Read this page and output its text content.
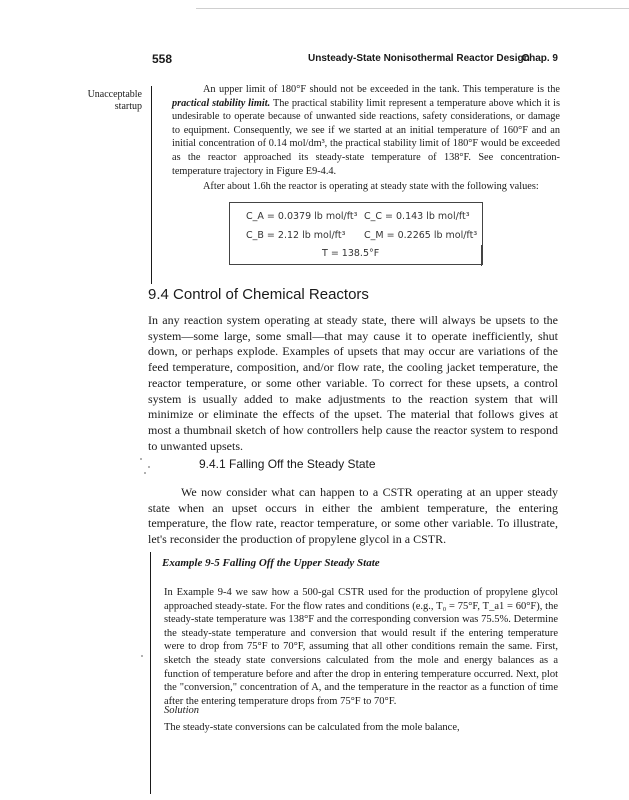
558	Unsteady-State Nonisothermal Reactor Design
Chap. 9
Unacceptable startup
An upper limit of 180°F should not be exceeded in the tank. This temperature is the practical stability limit. The practical stability limit represent a temperature above which it is undesirable to operate because of unwanted side reactions, safety considerations, or damage to equipment. Consequently, we see if we started at an initial temperature of 160°F and an initial concentration of 0.14 mol/dm³, the practical stability limit of 180°F would be exceeded as the reactor approached its steady-state temperature of 138°F. See concentration-temperature trajectory in Figure E9-4.4.
After about 1.6h the reactor is operating at steady state with the following values:
C_A = 0.0379 lb mol/ft³ C_C = 0.143 lb mol/ft³
C_B = 2.12 lb mol/ft³ C_M = 0.2265 lb mol/ft³
T = 138.5°F
9.4 Control of Chemical Reactors
In any reaction system operating at steady state, there will always be upsets to the system—some large, some small—that may cause it to operate inefficiently, shut down, or perhaps explode. Examples of upsets that may occur are variations of the feed temperature, composition, and/or flow rate, the cooling jacket temperature, the reactor temperature, or some other variable. To correct for these upsets, a control system is usually added to make adjustments to the reaction system that will minimize or eliminate the effects of the upset. The material that follows gives at most a thumbnail sketch of how controllers help cause the reactor system to respond to unwanted upsets.
9.4.1 Falling Off the Steady State
We now consider what can happen to a CSTR operating at an upper steady state when an upset occurs in either the ambient temperature, the entering temperature, the flow rate, reactor temperature, or some other variable. To illustrate, let's reconsider the production of propylene glycol in a CSTR.
Example 9-5 Falling Off the Upper Steady State
In Example 9-4 we saw how a 500-gal CSTR used for the production of propylene glycol approached steady-state. For the flow rates and conditions (e.g., T₀ = 75°F, T_a1 = 60°F), the steady-state temperature was 138°F and the corresponding conversion was 75.5%. Determine the steady-state temperature and conversion that would result if the entering temperature were to drop from 75°F to 70°F, assuming that all other conditions remain the same. First, sketch the steady state conversions calculated from the mole and energy balances as a function of temperature before and after the drop in entering temperature occurred. Next, plot the "conversion," concentration of A, and the temperature in the reactor as a function of time after the entering temperature drops from 75°F to 70°F.
Solution
The steady-state conversions can be calculated from the mole balance,
